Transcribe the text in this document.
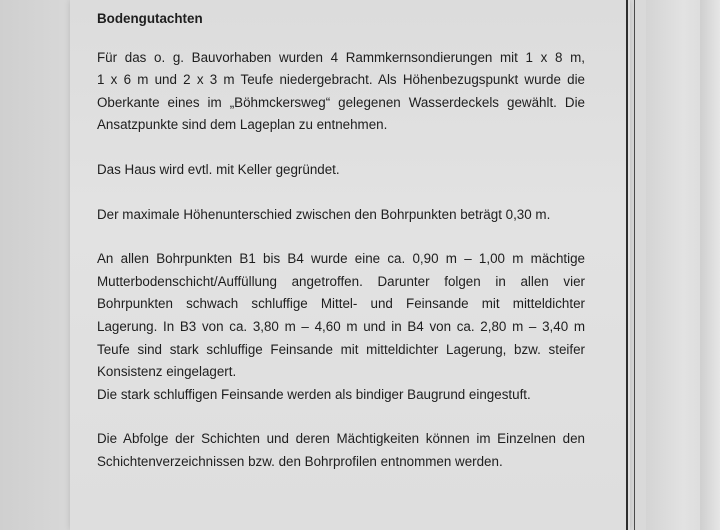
Bodengutachten

Für das o. g. Bauvorhaben wurden 4 Rammkernsondierungen mit 1 x 8 m,
1 x 6 m und 2 x 3 m Teufe niedergebracht. Als Höhenbezugspunkt wurde die
Oberkante eines im „Böhmckersweg“ gelegenen Wasserdeckels gewählt. Die
Ansatzpunkte sind dem Lageplan zu entnehmen.

Das Haus wird evtl. mit Keller gegründet.

Der maximale Höhenunterschied zwischen den Bohrpunkten beträgt 0,30 m.

An allen Bohrpunkten B1 bis B4 wurde eine ca. 0,90 m – 1,00 m mächtige
Mutterbodenschicht/Auffüllung angetroffen. Darunter folgen in allen vier
Bohrpunkten schwach schluffige Mittel- und Feinsande mit mitteldichter
Lagerung. In B3 von ca. 3,80 m – 4,60 m und in B4 von ca. 2,80 m – 3,40 m
Teufe sind stark schluffige Feinsande mit mitteldichter Lagerung, bzw. steifer
Konsistenz eingelagert.
Die stark schluffigen Feinsande werden als bindiger Baugrund eingestuft.

Die Abfolge der Schichten und deren Mächtigkeiten können im Einzelnen den
Schichtenverzeichnissen bzw. den Bohrprofilen entnommen werden.
